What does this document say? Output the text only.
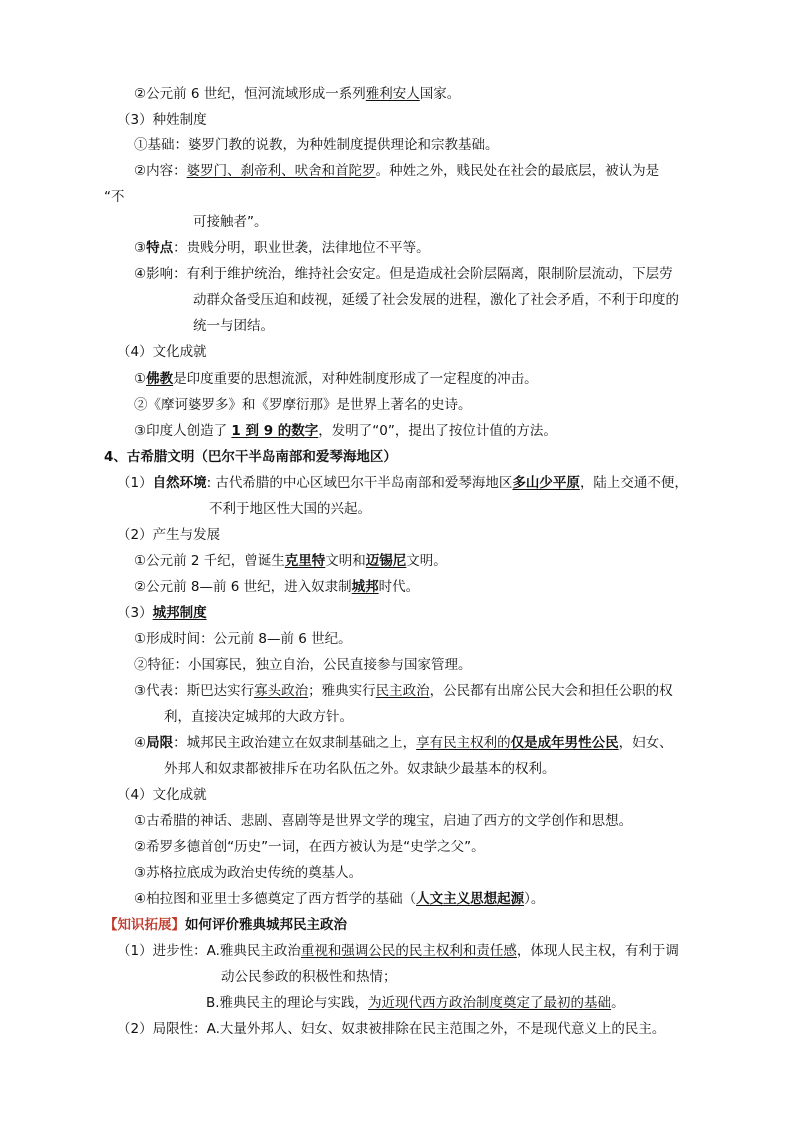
②公元前 6 世纪，恒河流域形成一系列雅利安人国家。
（3）种姓制度
①基础：婆罗门教的说教，为种姓制度提供理论和宗教基础。
②内容：婆罗门、刹帝利、吠舍和首陀罗。种姓之外，贱民处在社会的最底层，被认为是
“不
可接触者”。
③特点：贵贱分明，职业世袭，法律地位不平等。
④影响：有利于维护统治，维持社会安定。但是造成社会阶层隔离，限制阶层流动，下层劳
动群众备受压迫和歧视，延缓了社会发展的进程，激化了社会矛盾，不利于印度的
统一与团结。
（4）文化成就
①佛教是印度重要的思想流派，对种姓制度形成了一定程度的冲击。
②《摩诃婆罗多》和《罗摩衍那》是世界上著名的史诗。
③印度人创造了 1 到 9 的数字，发明了“0”，提出了按位计值的方法。
4、古希腊文明（巴尔干半岛南部和爱琴海地区）
（1）自然环境: 古代希腊的中心区域巴尔干半岛南部和爱琴海地区多山少平原，陆上交通不便，
不利于地区性大国的兴起。
（2）产生与发展
①公元前 2 千纪，曾诞生克里特文明和迈锡尼文明。
②公元前 8—前 6 世纪，进入奴隶制城邦时代。
（3）城邦制度
①形成时间：公元前 8—前 6 世纪。
②特征：小国寡民，独立自治，公民直接参与国家管理。
③代表：斯巴达实行寡头政治；雅典实行民主政治，公民都有出席公民大会和担任公职的权
利，直接决定城邦的大政方针。
④局限：城邦民主政治建立在奴隶制基础之上，享有民主权利的仅是成年男性公民，妇女、
外邦人和奴隶都被排斥在功名队伍之外。奴隶缺少最基本的权利。
（4）文化成就
①古希腊的神话、悲剧、喜剧等是世界文学的瑰宝，启迪了西方的文学创作和思想。
②希罗多德首创“历史”一词，在西方被认为是“史学之父”。
③苏格拉底成为政治史传统的奠基人。
④柏拉图和亚里士多德奠定了西方哲学的基础（人文主义思想起源）。
【知识拓展】如何评价雅典城邦民主政治
（1）进步性：A.雅典民主政治重视和强调公民的民主权利和责任感，体现人民主权，有利于调
动公民参政的积极性和热情；
B.雅典民主的理论与实践，为近现代西方政治制度奠定了最初的基础。
（2）局限性：A.大量外邦人、妇女、奴隶被排除在民主范围之外，不是现代意义上的民主。
